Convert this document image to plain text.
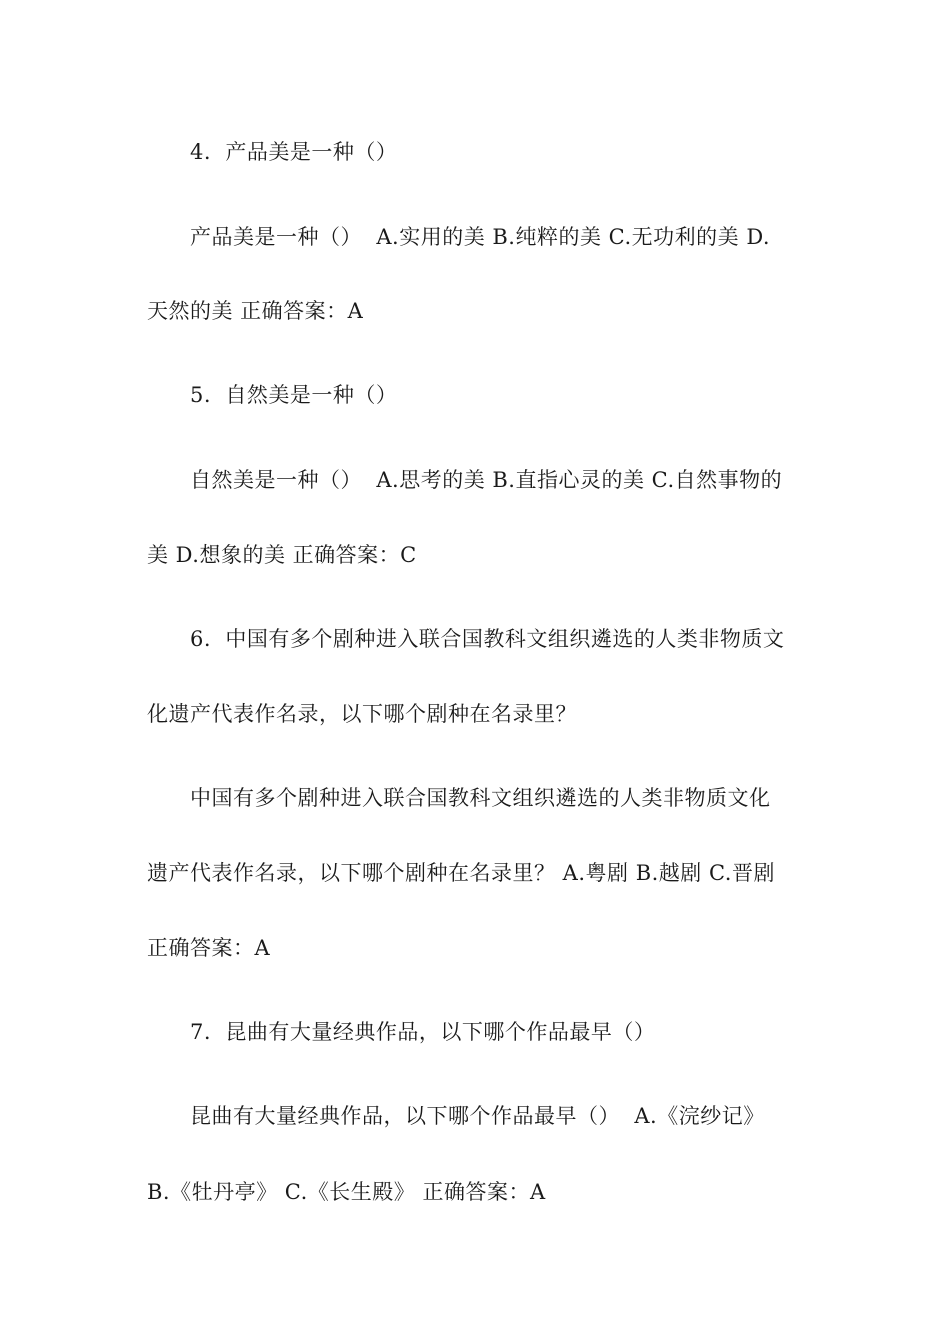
4.  产品美是一种（）
产品美是一种（）  A.实用的美 B.纯粹的美 C.无功利的美 D.
天然的美 正确答案：A
5.  自然美是一种（）
自然美是一种（）  A.思考的美 B.直指心灵的美 C.自然事物的
美 D.想象的美 正确答案：C
6.  中国有多个剧种进入联合国教科文组织遴选的人类非物质文
化遗产代表作名录，以下哪个剧种在名录里？
中国有多个剧种进入联合国教科文组织遴选的人类非物质文化
遗产代表作名录，以下哪个剧种在名录里？ A.粤剧 B.越剧 C.晋剧
正确答案：A
7.  昆曲有大量经典作品，以下哪个作品最早（）
昆曲有大量经典作品，以下哪个作品最早（）  A.《浣纱记》
B.《牡丹亭》 C.《长生殿》 正确答案：A
